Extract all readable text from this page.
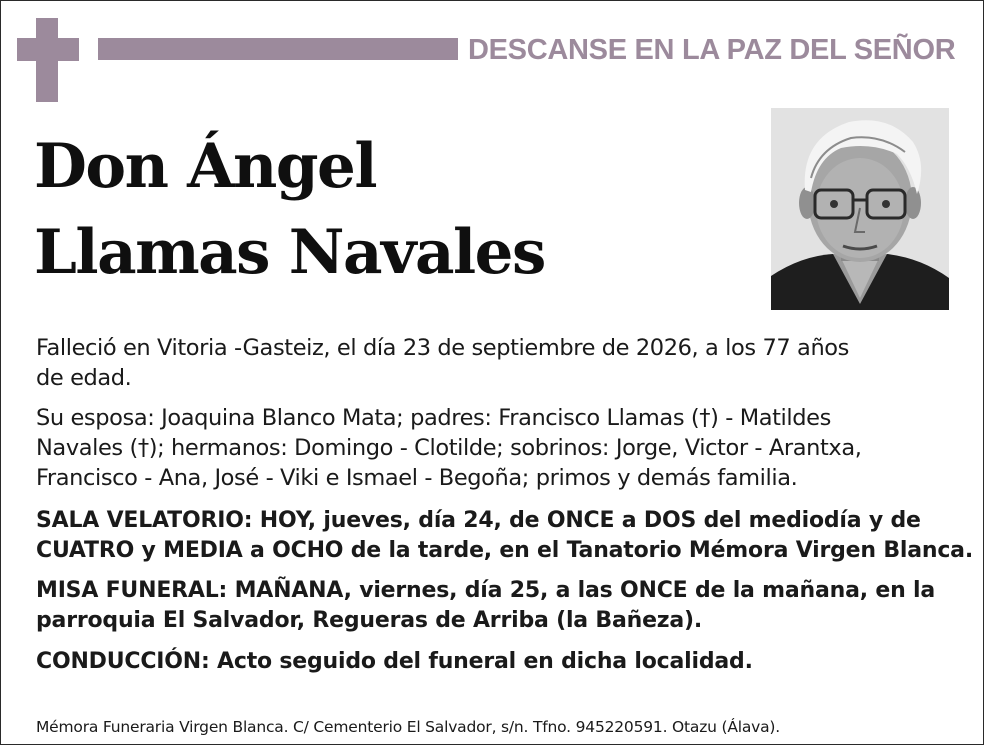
DESCANSE EN LA PAZ DEL SEÑOR
Don Ángel
Llamas Navales
Falleció en Vitoria -Gasteiz, el día 23 de septiembre de 2026, a los 77 años
de edad.
Su esposa: Joaquina Blanco Mata; padres: Francisco Llamas (†) - Matildes
Navales (†); hermanos: Domingo - Clotilde; sobrinos: Jorge, Victor - Arantxa,
Francisco - Ana, José - Viki e Ismael - Begoña; primos y demás familia.
SALA VELATORIO: HOY, jueves, día 24, de ONCE a DOS del mediodía y de
CUATRO y MEDIA a OCHO de la tarde, en el Tanatorio Mémora Virgen Blanca.
MISA FUNERAL: MAÑANA, viernes, día 25, a las ONCE de la mañana, en la
parroquia El Salvador, Regueras de Arriba (la Bañeza).
CONDUCCIÓN: Acto seguido del funeral en dicha localidad.
Mémora Funeraria Virgen Blanca. C/ Cementerio El Salvador, s/n. Tfno. 945220591. Otazu (Álava).
